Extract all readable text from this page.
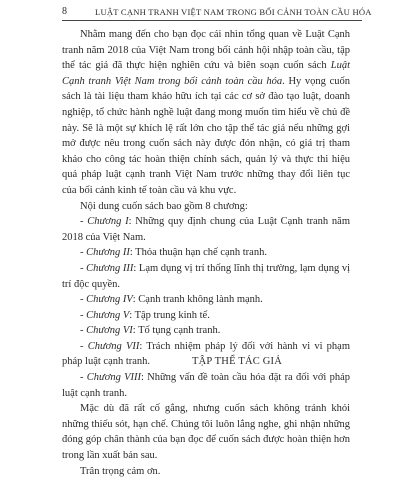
8	LUẬT CẠNH TRANH VIỆT NAM TRONG BỐI CẢNH TOÀN CẦU HÓA

Nhằm mang đến cho bạn đọc cái nhìn tổng quan về Luật Cạnh tranh năm 2018 của Việt Nam trong bối cảnh hội nhập toàn cầu, tập thể tác giả đã thực hiện nghiên cứu và biên soạn cuốn sách Luật Cạnh tranh Việt Nam trong bối cảnh toàn cầu hóa. Hy vọng cuốn sách là tài liệu tham khảo hữu ích tại các cơ sở đào tạo luật, doanh nghiệp, tổ chức hành nghề luật đang mong muốn tìm hiểu về chủ đề này. Sẽ là một sự khích lệ rất lớn cho tập thể tác giả nếu những gợi mở được nêu trong cuốn sách này được đón nhận, có giá trị tham khảo cho công tác hoàn thiện chính sách, quản lý và thực thi hiệu quả pháp luật cạnh tranh Việt Nam trước những thay đổi liên tục của bối cảnh kinh tế toàn cầu và khu vực.

Nội dung cuốn sách bao gồm 8 chương:

- Chương I: Những quy định chung của Luật Cạnh tranh năm 2018 của Việt Nam.

- Chương II: Thỏa thuận hạn chế cạnh tranh.

- Chương III: Lạm dụng vị trí thống lĩnh thị trường, lạm dụng vị trí độc quyền.

- Chương IV: Cạnh tranh không lành mạnh.

- Chương V: Tập trung kinh tế.

- Chương VI: Tố tụng cạnh tranh.

- Chương VII: Trách nhiệm pháp lý đối với hành vi vi phạm pháp luật cạnh tranh.

- Chương VIII: Những vấn đề toàn cầu hóa đặt ra đối với pháp luật cạnh tranh.

Mặc dù đã rất cố gắng, nhưng cuốn sách không tránh khỏi những thiếu sót, hạn chế. Chúng tôi luôn lắng nghe, ghi nhận những đóng góp chân thành của bạn đọc để cuốn sách được hoàn thiện hơn trong lần xuất bản sau.

Trân trọng cảm ơn.

TẬP THỂ TÁC GIẢ
